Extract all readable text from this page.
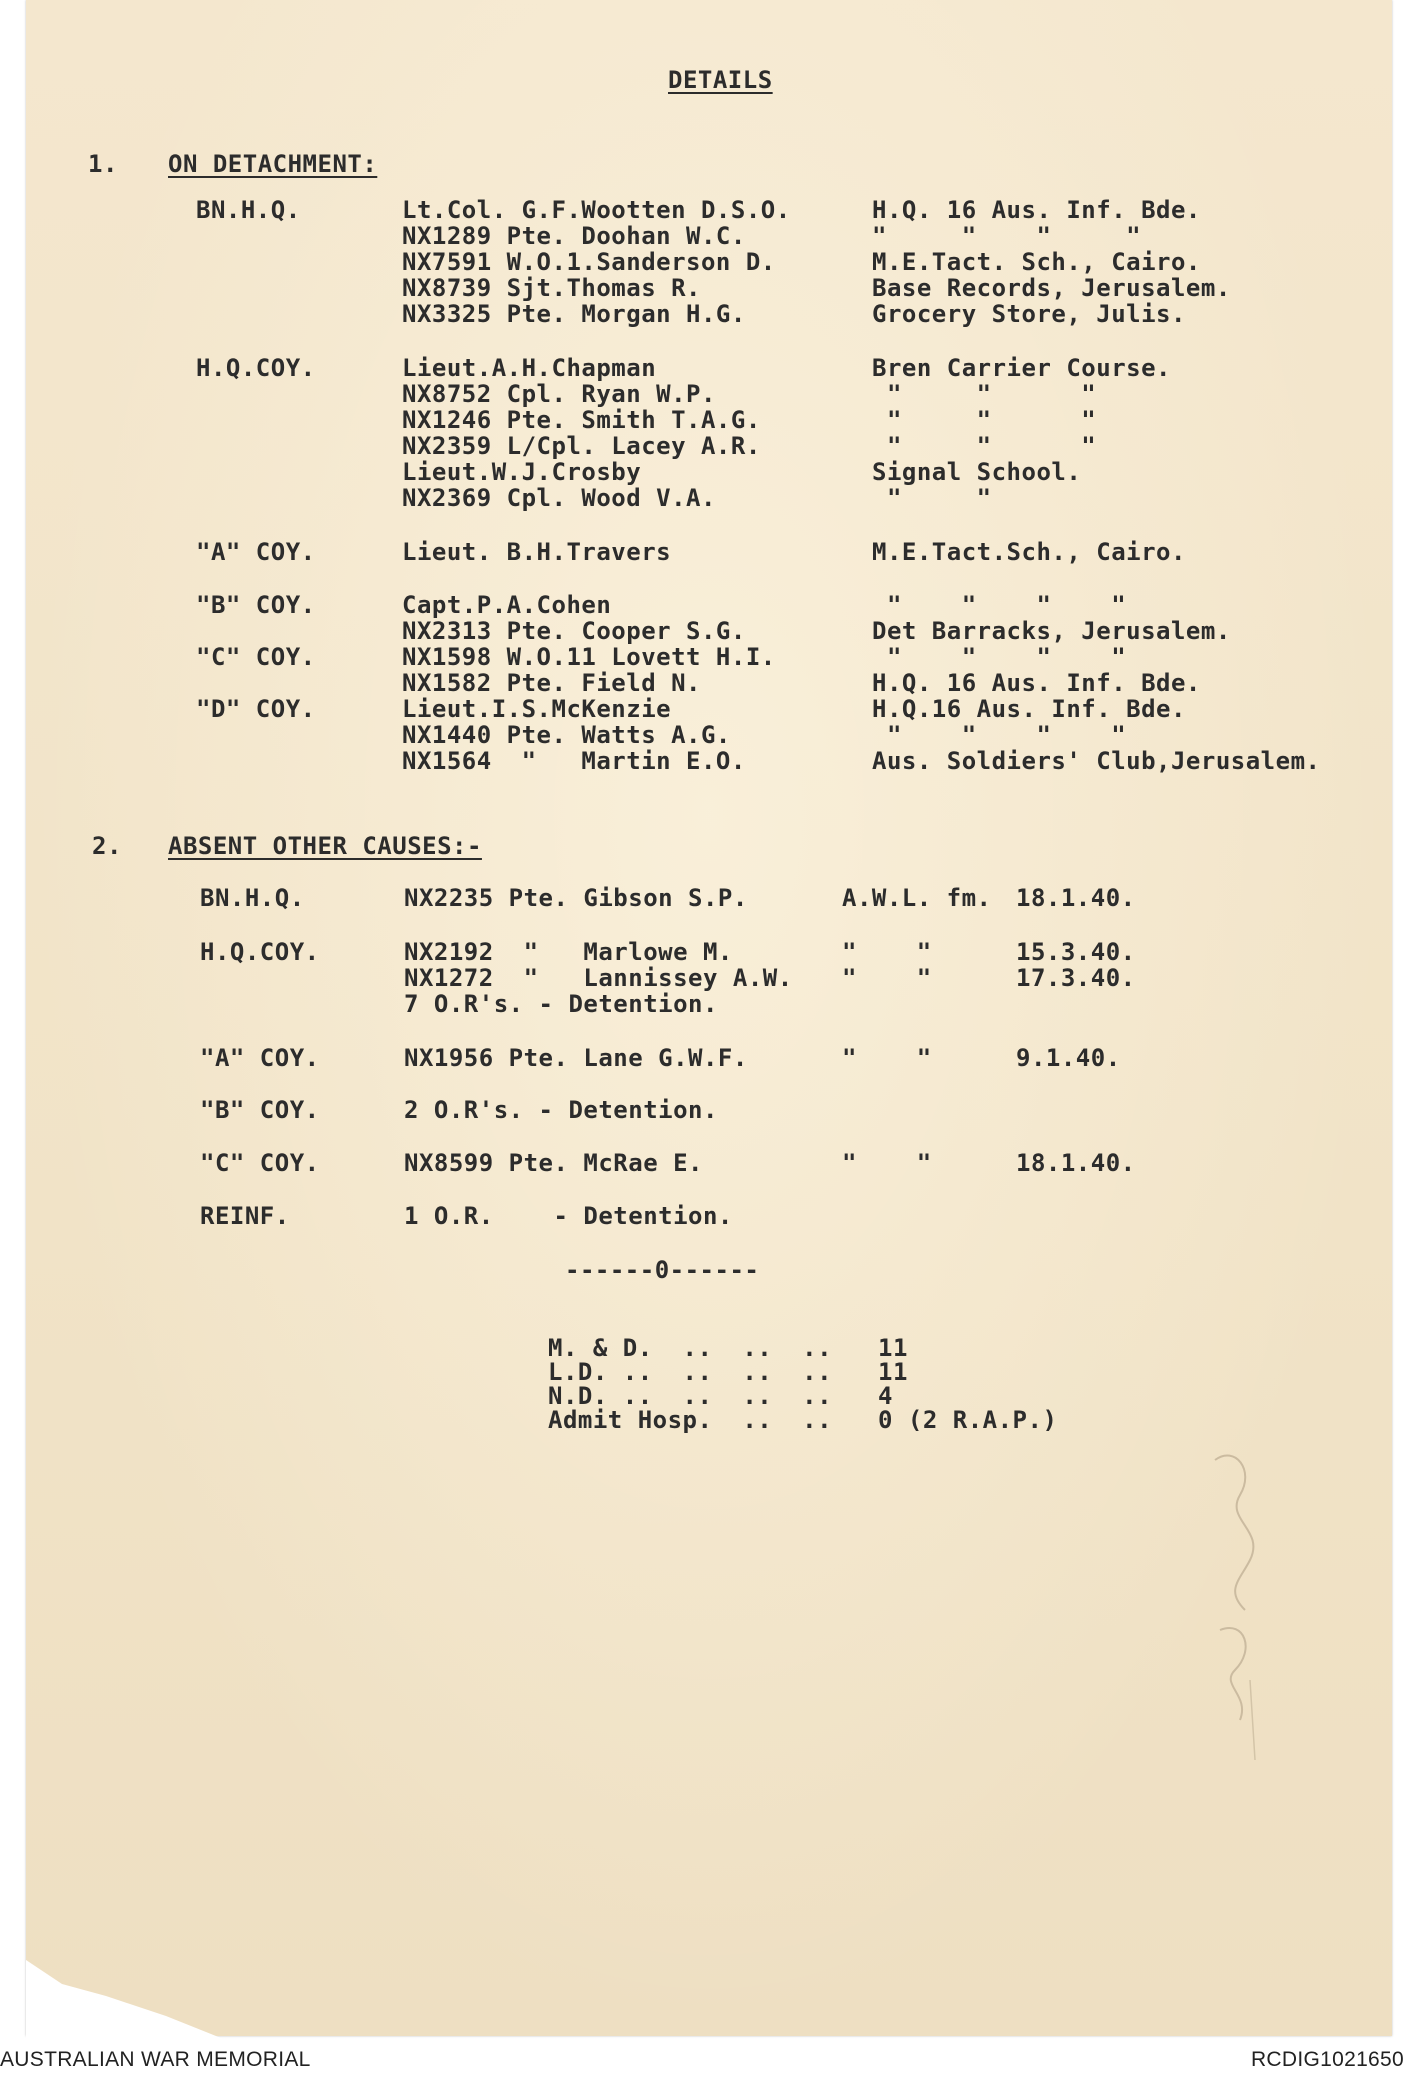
DETAILS
1. ON DETACHMENT:
2. ABSENT OTHER CAUSES:-
BN.H.Q.	Lt.Col. G.F.Wootten D.S.O.	H.Q. 16 Aus. Inf. Bde.
NX1289 Pte. Doohan W.C.	"     "    "     "
NX7591 W.O.1.Sanderson D.	M.E.Tact. Sch., Cairo.
NX8739 Sjt.Thomas R.	Base Records, Jerusalem.
NX3325 Pte. Morgan H.G.	Grocery Store, Julis.
H.Q.COY.	Lieut.A.H.Chapman	Bren Carrier Course.
NX8752 Cpl. Ryan W.P.	"     "      "
NX1246 Pte. Smith T.A.G.	"     "      "
NX2359 L/Cpl. Lacey A.R.	"     "      "
Lieut.W.J.Crosby	Signal School.
NX2369 Cpl. Wood V.A.	"     "
"A" COY.	Lieut. B.H.Travers	M.E.Tact.Sch., Cairo.
"B" COY.	Capt.P.A.Cohen	"    "    "    "
NX2313 Pte. Cooper S.G.	Det Barracks, Jerusalem.
"C" COY.	NX1598 W.O.11 Lovett H.I.	"    "    "    "
NX1582 Pte. Field N.	H.Q. 16 Aus. Inf. Bde.
"D" COY.	Lieut.I.S.McKenzie	H.Q.16 Aus. Inf. Bde.
NX1440 Pte. Watts A.G.	"    "    "    "
NX1564  "   Martin E.O.	Aus. Soldiers' Club,Jerusalem.
BN.H.Q.	NX2235 Pte. Gibson S.P.	A.W.L. fm. 18.1.40.
H.Q.COY.	NX2192  "   Marlowe M.	"    "	15.3.40.
NX1272  "   Lannissey A.W. "    "	17.3.40.
7 O.R's. - Detention.
"A" COY.	NX1956 Pte. Lane G.W.F.	"    "	9.1.40.
"B" COY.	2 O.R's. - Detention.
"C" COY.	NX8599 Pte. McRae E.	"    "	18.1.40.
REINF.	1 O.R.    - Detention.
------0------
M. & D.  ..  ..  .. 11
L.D. ..  ..  ..  .. 11
N.D. ..  ..  ..  .. 4
Admit Hosp.  ..  .. 0 (2 R.A.P.)
AUSTRALIAN WAR MEMORIAL	RCDIG1021650
